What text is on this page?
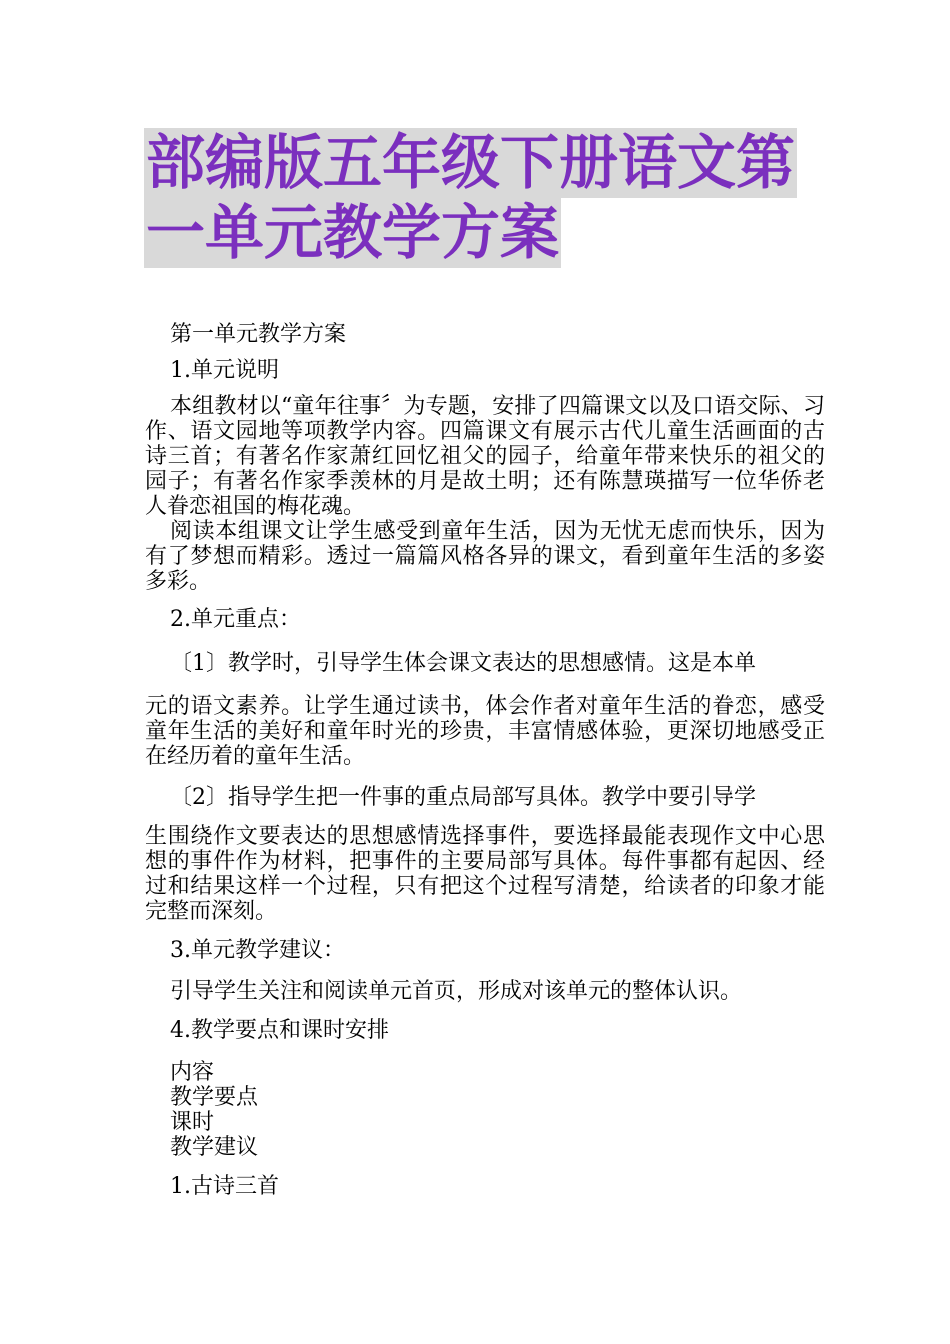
部编版五年级下册语文第
一单元教学方案

第一单元教学方案

1.单元说明

本组教材以“童年往事〞为专题，安排了四篇课文以及口语交际、习作、语文园地等项教学内容。四篇课文有展示古代儿童生活画面的古诗三首；有著名作家萧红回忆祖父的园子，给童年带来快乐的祖父的园子；有著名作家季羡林的月是故土明；还有陈慧瑛描写一位华侨老人眷恋祖国的梅花魂。

阅读本组课文让学生感受到童年生活，因为无忧无虑而快乐，因为有了梦想而精彩。透过一篇篇风格各异的课文，看到童年生活的多姿多彩。

2.单元重点：

〔1〕教学时，引导学生体会课文表达的思想感情。这是本单

元的语文素养。让学生通过读书，体会作者对童年生活的眷恋，感受童年生活的美好和童年时光的珍贵，丰富情感体验，更深切地感受正在经历着的童年生活。

〔2〕指导学生把一件事的重点局部写具体。教学中要引导学

生围绕作文要表达的思想感情选择事件，要选择最能表现作文中心思想的事件作为材料，把事件的主要局部写具体。每件事都有起因、经过和结果这样一个过程，只有把这个过程写清楚，给读者的印象才能完整而深刻。

3.单元教学建议：

引导学生关注和阅读单元首页，形成对该单元的整体认识。

4.教学要点和课时安排

内容

教学要点

课时

教学建议

1.古诗三首
